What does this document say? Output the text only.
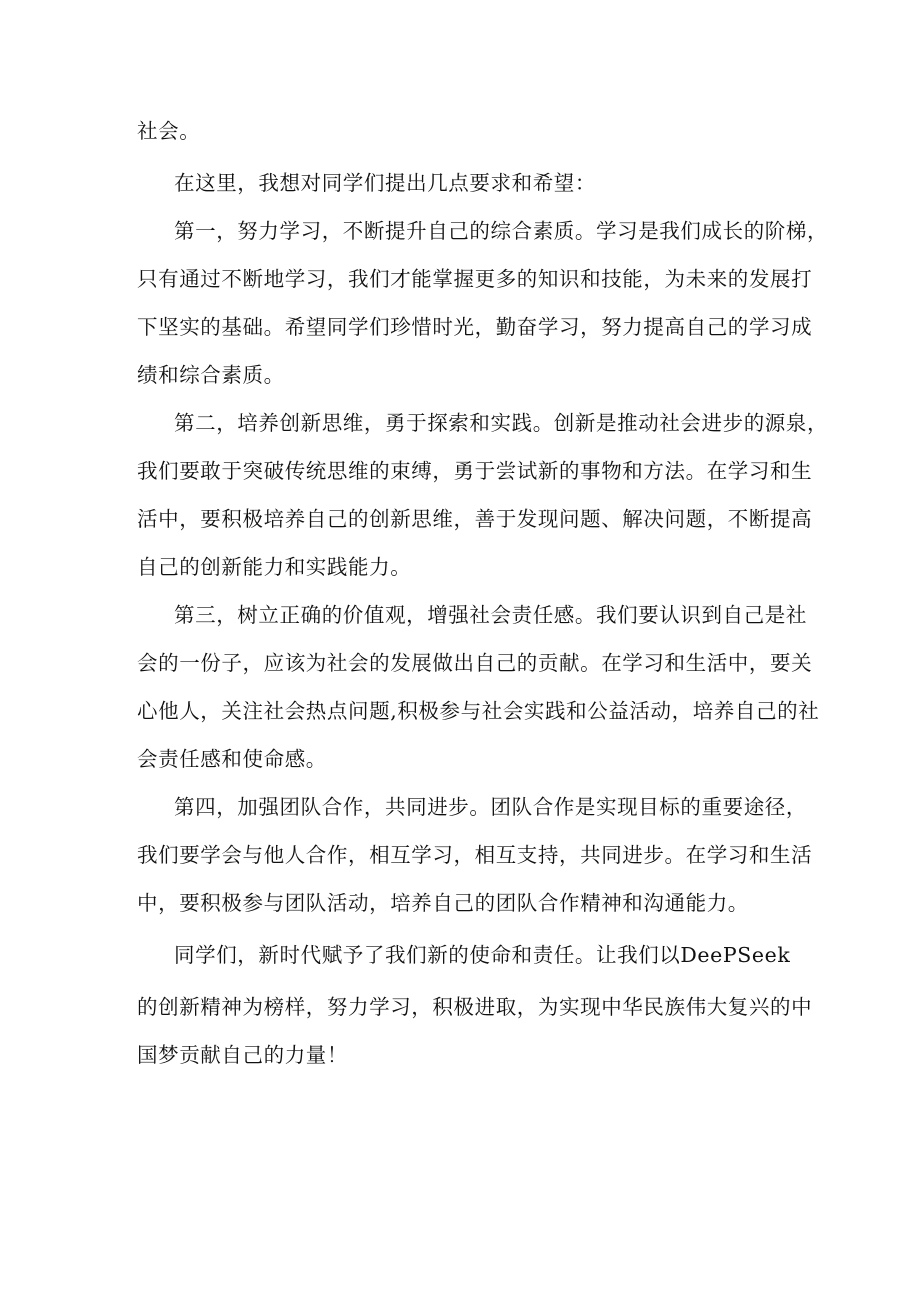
社会。
在这里，我想对同学们提出几点要求和希望：
第一，努力学习，不断提升自己的综合素质。学习是我们成长的阶梯，
只有通过不断地学习，我们才能掌握更多的知识和技能，为未来的发展打
下坚实的基础。希望同学们珍惜时光，勤奋学习，努力提高自己的学习成
绩和综合素质。
第二，培养创新思维，勇于探索和实践。创新是推动社会进步的源泉，
我们要敢于突破传统思维的束缚，勇于尝试新的事物和方法。在学习和生
活中，要积极培养自己的创新思维，善于发现问题、解决问题，不断提高
自己的创新能力和实践能力。
第三，树立正确的价值观，增强社会责任感。我们要认识到自己是社
会的一份子，应该为社会的发展做出自己的贡献。在学习和生活中，要关
心他人，关注社会热点问题,积极参与社会实践和公益活动，培养自己的社
会责任感和使命感。
第四，加强团队合作，共同进步。团队合作是实现目标的重要途径，
我们要学会与他人合作，相互学习，相互支持，共同进步。在学习和生活
中，要积极参与团队活动，培养自己的团队合作精神和沟通能力。
同学们，新时代赋予了我们新的使命和责任。让我们以DeePSeek
的创新精神为榜样，努力学习，积极进取，为实现中华民族伟大复兴的中
国梦贡献自己的力量！
